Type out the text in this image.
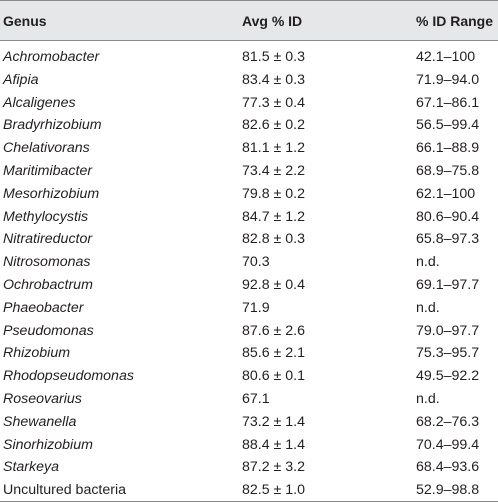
Genus	Avg % ID	% ID Range
Achromobacter	81.5 ± 0.3	42.1–100
Afipia	83.4 ± 0.3	71.9–94.0
Alcaligenes	77.3 ± 0.4	67.1–86.1
Bradyrhizobium	82.6 ± 0.2	56.5–99.4
Chelativorans	81.1 ± 1.2	66.1–88.9
Maritimibacter	73.4 ± 2.2	68.9–75.8
Mesorhizobium	79.8 ± 0.2	62.1–100
Methylocystis	84.7 ± 1.2	80.6–90.4
Nitratireductor	82.8 ± 0.3	65.8–97.3
Nitrosomonas	70.3	n.d.
Ochrobactrum	92.8 ± 0.4	69.1–97.7
Phaeobacter	71.9	n.d.
Pseudomonas	87.6 ± 2.6	79.0–97.7
Rhizobium	85.6 ± 2.1	75.3–95.7
Rhodopseudomonas	80.6 ± 0.1	49.5–92.2
Roseovarius	67.1	n.d.
Shewanella	73.2 ± 1.4	68.2–76.3
Sinorhizobium	88.4 ± 1.4	70.4–99.4
Starkeya	87.2 ± 3.2	68.4–93.6
Uncultured bacteria	82.5 ± 1.0	52.9–98.8
